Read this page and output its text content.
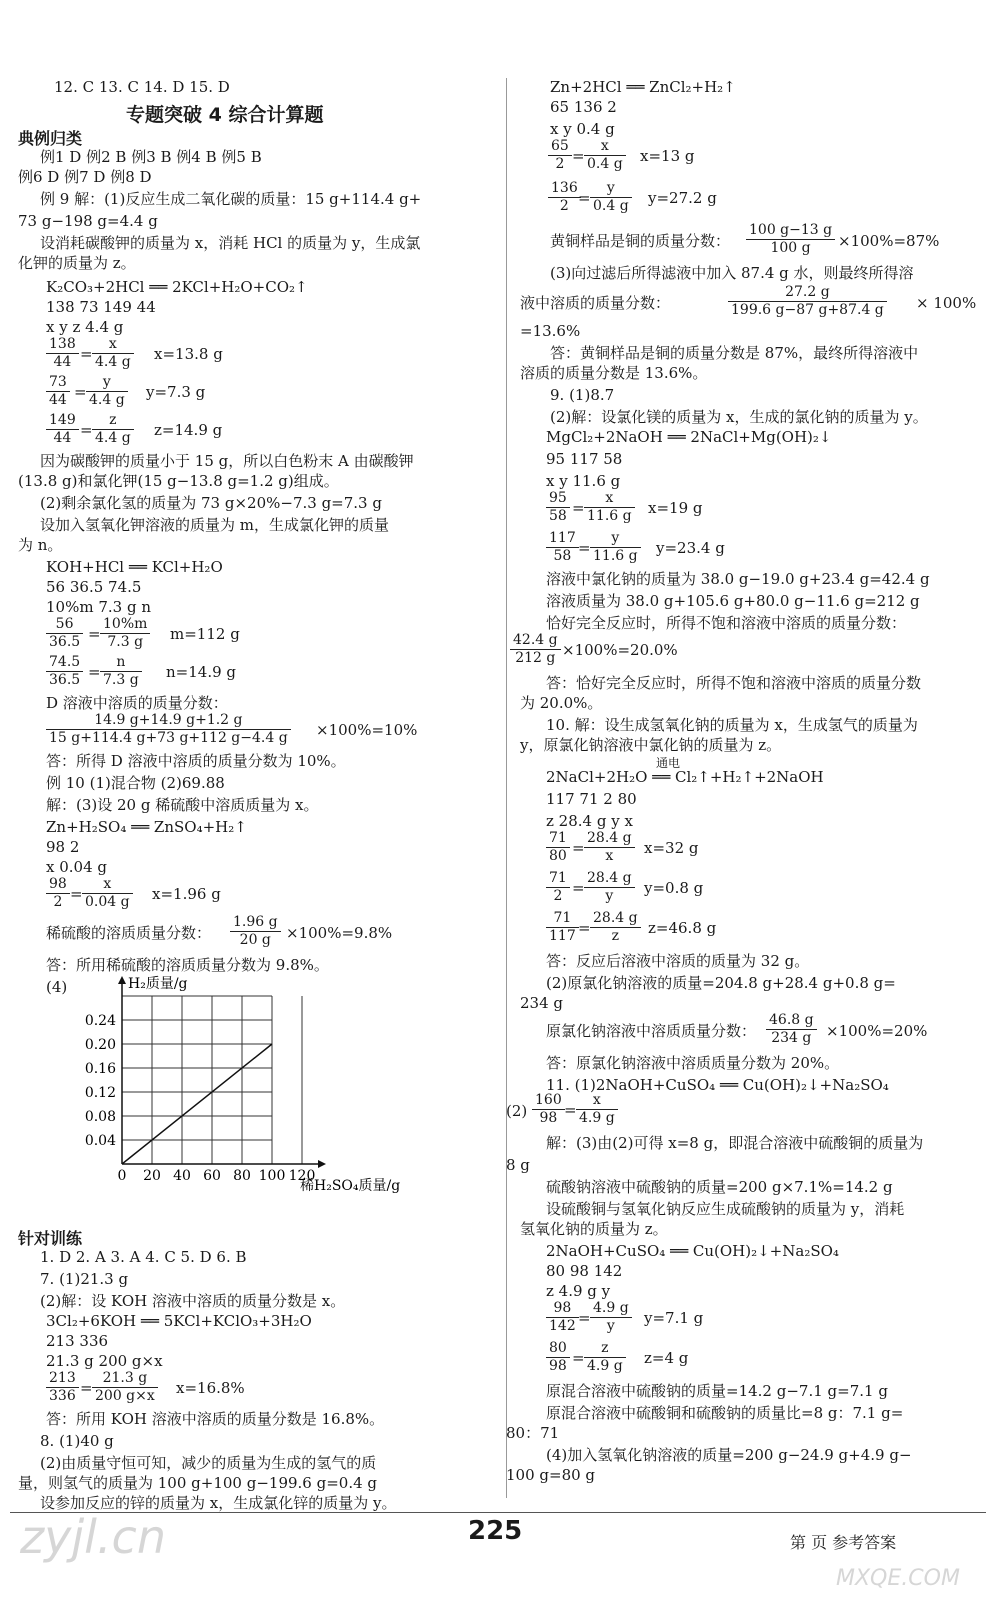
12. C 13. C 14. D 15. D
专题突破 4 综合计算题
典例归类
例1 D 例2 B 例3 B 例4 B 例5 B
例6 D 例7 D 例8 D
例 9 解：(1)反应生成二氧化碳的质量：15 g+114.4 g+
73 g−198 g=4.4 g
设消耗碳酸钾的质量为 x，消耗 HCl 的质量为 y，生成氯
化钾的质量为 z。
K₂CO₃+2HCl ══ 2KCl+H₂O+CO₂↑
138 73 149 44
x y z 4.4 g
$\frac{138}{44} = \frac{x}{4.4 g} x=13.8$ g
$\frac{73}{44} = \frac{y}{4.4 g} y=7.3$ g
$\frac{149}{44} = \frac{z}{4.4 g} z=14.9$ g
因为碳酸钾的质量小于 15 g，所以白色粉末 A 由碳酸钾
(13.8 g)和氯化钾(15 g−13.8 g=1.2 g)组成。
(2)剩余氯化氢的质量为 73 g×20%−7.3 g=7.3 g
设加入氢氧化钾溶液的质量为 m，生成氯化钾的质量
为 n。
KOH+HCl ══ KCl+H₂O
56 36.5 74.5
10%m 7.3 g n
$\frac{56}{36.5} = \frac{10\%m}{7.3 g} m=112$ g
$\frac{74.5}{36.5} = \frac{n}{7.3 g} n=14.9$ g
D 溶液中溶质的质量分数：
$\frac{14.9 g+14.9 g+1.2 g}{15 g+114.4 g+73 g+112 g-4.4 g} \times 100\%=10\%$
答：所得 D 溶液中溶质的质量分数为 10%。
例 10 (1)混合物 (2)69.88
解：(3)设 20 g 稀硫酸中溶质质量为 x。
Zn+H₂SO₄ ══ ZnSO₄+H₂↑
98 2
x 0.04 g
$\frac{98}{2} = \frac{x}{0.04 g} x=1.96$ g
稀硫酸的溶质质量分数： $\frac{1.96 g}{20 g} \times 100\%=9.8\%$
答：所用稀硫酸的溶质质量分数为 9.8%。
(4)
0 20 40 60 80 100 120
0.04
0.08
0.12
0.16
0.20
0.24
H₂质量/g
稀H₂SO₄质量/g
针对训练
1. D 2. A 3. A 4. C 5. D 6. B
7. (1)21.3 g
(2)解：设 KOH 溶液中溶质的质量分数是 x。
3Cl₂+6KOH ══ 5KCl+KClO₃+3H₂O
213 336
21.3 g 200 g×x
$\frac{213}{336} = \frac{21.3 g}{200 g\times x} x=16.8\%$
答：所用 KOH 溶液中溶质的质量分数是 16.8%。
8. (1)40 g
(2)由质量守恒可知，减少的质量为生成的氢气的质
量，则氢气的质量为 100 g+100 g−199.6 g=0.4 g
设参加反应的锌的质量为 x，生成氯化锌的质量为 y。
Zn+2HCl ══ ZnCl₂+H₂↑
65 136 2
x y 0.4 g
$\frac{65}{2} = \frac{x}{0.4 g} x=13$ g
$\frac{136}{2}$
= $\frac{y}{0.4 g} y=27.2$ g
黄铜样品是铜的质量分数： $\frac{100 g-13 g}{100 g} \times 100\%=87\%$
(3)向过滤后所得滤液中加入 87.4 g 水，则最终所得溶
液中溶质的质量分数：	$\frac{27.2 g}{199.6 g-87 g+87.4 g} \times 100\%$
=13.6%
答：黄铜样品是铜的质量分数是 87%，最终所得溶液中
溶质的质量分数是 13.6%。
9. (1)8.7
(2)解：设氯化镁的质量为 x，生成的氯化钠的质量为 y。
MgCl₂+2NaOH ══ 2NaCl+Mg(OH)₂↓
95 117 58
x y 11.6 g
$\frac{95}{58} = \frac{x}{11.6 g} x=19$ g
$\frac{117}{58} = \frac{y}{11.6 g} y=23.4$ g
溶液中氯化钠的质量为 38.0 g−19.0 g+23.4 g=42.4 g
溶液质量为 38.0 g+105.6 g+80.0 g−11.6 g=212 g
恰好完全反应时，所得不饱和溶液中溶质的质量分数：
$\frac{42.4 g}{212 g} \times 100\%=20.0\%$
答：恰好完全反应时，所得不饱和溶液中溶质的质量分数
为 20.0%。
10. 解：设生成氢氧化钠的质量为 x，生成氢气的质量为
y，原氯化钠溶液中氯化钠的质量为 z。
2NaCl+2H₂O ══ Cl₂↑+H₂↑+2NaOH
通电
117 71 2 80
z 28.4 g y x
$\frac{71}{80} = \frac{28.4 g}{x} x=32$ g
$\frac{71}{2} = \frac{28.4 g}{y} y=0.8$ g
$\frac{71}{117} = \frac{28.4 g}{z} z=46.8$ g
答：反应后溶液中溶质的质量为 32 g。
(2)原氯化钠溶液的质量=204.8 g+28.4 g+0.8 g=
234 g
原氯化钠溶液中溶质质量分数： $\frac{46.8 g}{234 g} \times 100\%=20\%$
答：原氯化钠溶液中溶质质量分数为 20%。
11. (1)2NaOH+CuSO₄ ══ Cu(OH)₂↓+Na₂SO₄
$(2) \frac{160}{98} = \frac{x}{4.9 g}$
解：(3)由(2)可得 x=8 g，即混合溶液中硫酸铜的质量为
8 g
硫酸钠溶液中硫酸钠的质量=200 g×7.1%=14.2 g
设硫酸铜与氢氧化钠反应生成硫酸钠的质量为 y，消耗
氢氧化钠的质量为 z。
2NaOH+CuSO₄ ══ Cu(OH)₂↓+Na₂SO₄
80 98 142
z 4.9 g y
$\frac{98}{142} = \frac{4.9 g}{y} y=7.1$ g
$\frac{80}{98} = \frac{z}{4.9 g} z=4$ g
原混合溶液中硫酸钠的质量=14.2 g−7.1 g=7.1 g
原混合溶液中硫酸铜和硫酸钠的质量比=8 g：7.1 g=
80：71
(4)加入氢氧化钠溶液的质量=200 g−24.9 g+4.9 g−
100 g=80 g
225	第 页 参考答案
zyjl.cn
MXQE.COM
